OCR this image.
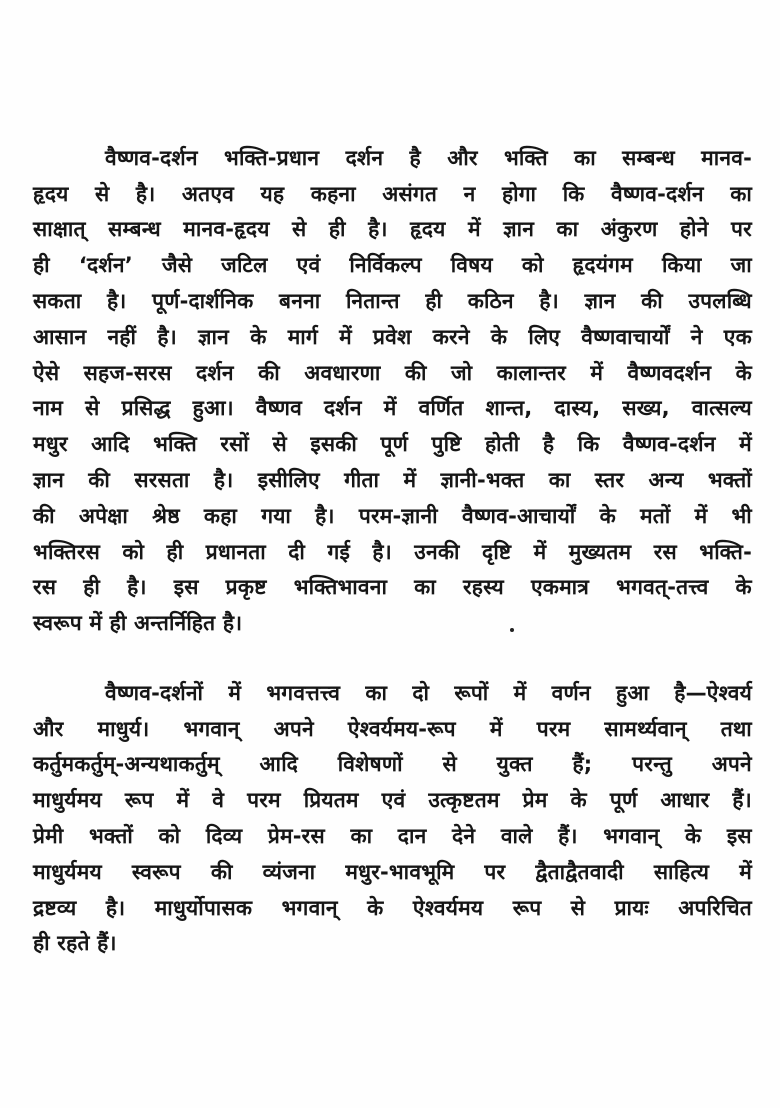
वैष्णव-दर्शन भक्ति-प्रधान दर्शन है और भक्ति का सम्बन्ध मानव-
हृदय से है। अतएव यह कहना असंगत न होगा कि वैष्णव-दर्शन का
साक्षात् सम्बन्ध मानव-हृदय से ही है। हृदय में ज्ञान का अंकुरण होने पर
ही ‘दर्शन’ जैसे जटिल एवं निर्विकल्प विषय को हृदयंगम किया जा
सकता है। पूर्ण-दार्शनिक बनना नितान्त ही कठिन है। ज्ञान की उपलब्धि
आसान नहीं है। ज्ञान के मार्ग में प्रवेश करने के लिए वैष्णवाचार्यों ने एक
ऐसे सहज-सरस दर्शन की अवधारणा की जो कालान्तर में वैष्णवदर्शन के
नाम से प्रसिद्ध हुआ। वैष्णव दर्शन में वर्णित शान्त, दास्य, सख्य, वात्सल्य
मधुर आदि भक्ति रसों से इसकी पूर्ण पुष्टि होती है कि वैष्णव-दर्शन में
ज्ञान की सरसता है। इसीलिए गीता में ज्ञानी-भक्त का स्तर अन्य भक्तों
की अपेक्षा श्रेष्ठ कहा गया है। परम-ज्ञानी वैष्णव-आचार्यों के मतों में भी
भक्तिरस को ही प्रधानता दी गई है। उनकी दृष्टि में मुख्यतम रस भक्ति-
रस ही है। इस प्रकृष्ट भक्तिभावना का रहस्य एकमात्र भगवत्-तत्त्व के
स्वरूप में ही अन्तर्निहित है।
वैष्णव-दर्शनों में भगवत्तत्त्व का दो रूपों में वर्णन हुआ है—ऐश्वर्य
और माधुर्य। भगवान् अपने ऐश्वर्यमय-रूप में परम सामर्थ्यवान् तथा
कर्तुमकर्तुम्-अन्यथाकर्तुम् आदि विशेषणों से युक्त हैं; परन्तु अपने
माधुर्यमय रूप में वे परम प्रियतम एवं उत्कृष्टतम प्रेम के पूर्ण आधार हैं।
प्रेमी भक्तों को दिव्य प्रेम-रस का दान देने वाले हैं। भगवान् के इस
माधुर्यमय स्वरूप की व्यंजना मधुर-भावभूमि पर द्वैताद्वैतवादी साहित्य में
द्रष्टव्य है। माधुर्योपासक भगवान् के ऐश्वर्यमय रूप से प्रायः अपरिचित
ही रहते हैं।
